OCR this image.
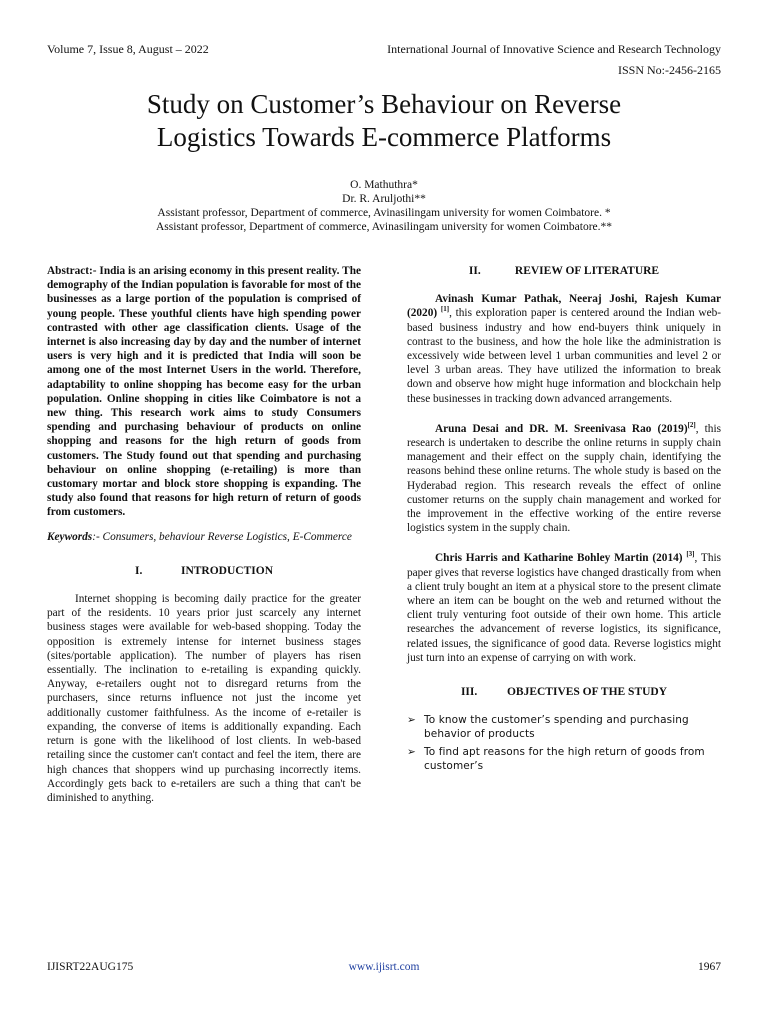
Volume 7, Issue 8, August – 2022	International Journal of Innovative Science and Research Technology
ISSN No:-2456-2165
Study on Customer’s Behaviour on Reverse
Logistics Towards E-commerce Platforms
O. Mathuthra*
Dr. R. Aruljothi**
Assistant professor, Department of commerce, Avinasilingam university for women Coimbatore. *
Assistant professor, Department of commerce, Avinasilingam university for women Coimbatore.**

Abstract:- India is an arising economy in this present reality. The demography of the Indian population is favorable for most of the businesses as a large portion of the population is comprised of young people. These youthful clients have high spending power contrasted with other age classification clients. Usage of the internet is also increasing day by day and the number of internet users is very high and it is predicted that India will soon be among one of the most Internet Users in the world. Therefore, adaptability to online shopping has become easy for the urban population. Online shopping in cities like Coimbatore is not a new thing. This research work aims to study Consumers spending and purchasing behaviour of products on online shopping and reasons for the high return of goods from customers. The Study found out that spending and purchasing behaviour on online shopping (e-retailing) is more than customary mortar and block store shopping is expanding. The study also found that reasons for high return of return of goods from customers.

Keywords:- Consumers, behaviour Reverse Logistics, E-Commerce

I.	INTRODUCTION

Internet shopping is becoming daily practice for the greater part of the residents. 10 years prior just scarcely any internet business stages were available for web-based shopping. Today the opposition is extremely intense for internet business stages (sites/portable application). The number of players has risen essentially. The inclination to e-retailing is expanding quickly. Anyway, e-retailers ought not to disregard returns from the purchasers, since returns influence not just the income yet additionally customer faithfulness. As the income of e-retailer is expanding, the converse of items is additionally expanding. Each return is gone with the likelihood of lost clients. In web-based retailing since the customer can't contact and feel the item, there are high chances that shoppers wind up purchasing incorrectly items. Accordingly gets back to e-retailers are such a thing that can't be diminished to anything.

II.	REVIEW OF LITERATURE

Avinash Kumar Pathak, Neeraj Joshi, Rajesh Kumar (2020) [1], this exploration paper is centered around the Indian web-based business industry and how end-buyers think uniquely in contrast to the business, and how the hole like the administration is excessively wide between level 1 urban communities and level 2 or level 3 urban areas. They have utilized the information to break down and observe how might huge information and blockchain help these businesses in tracking down advanced arrangements.

Aruna Desai and DR. M. Sreenivasa Rao (2019)[2], this research is undertaken to describe the online returns in supply chain management and their effect on the supply chain, identifying the reasons behind these online returns. The whole study is based on the Hyderabad region. This research reveals the effect of online customer returns on the supply chain management and worked for the improvement in the effective working of the entire reverse logistics system in the supply chain.

Chris Harris and Katharine Bohley Martin (2014) [3], This paper gives that reverse logistics have changed drastically from when a client truly bought an item at a physical store to the present climate where an item can be bought on the web and returned without the client truly venturing foot outside of their own home. This article researches the advancement of reverse logistics, its significance, related issues, the significance of good data. Reverse logistics might just turn into an expense of carrying on with work.

III.	OBJECTIVES OF THE STUDY
➢ To know the customer’s spending and purchasing behavior of products
➢ To find apt reasons for the high return of goods from customer’s
IJISRT22AUG175	www.ijisrt.com	1967
